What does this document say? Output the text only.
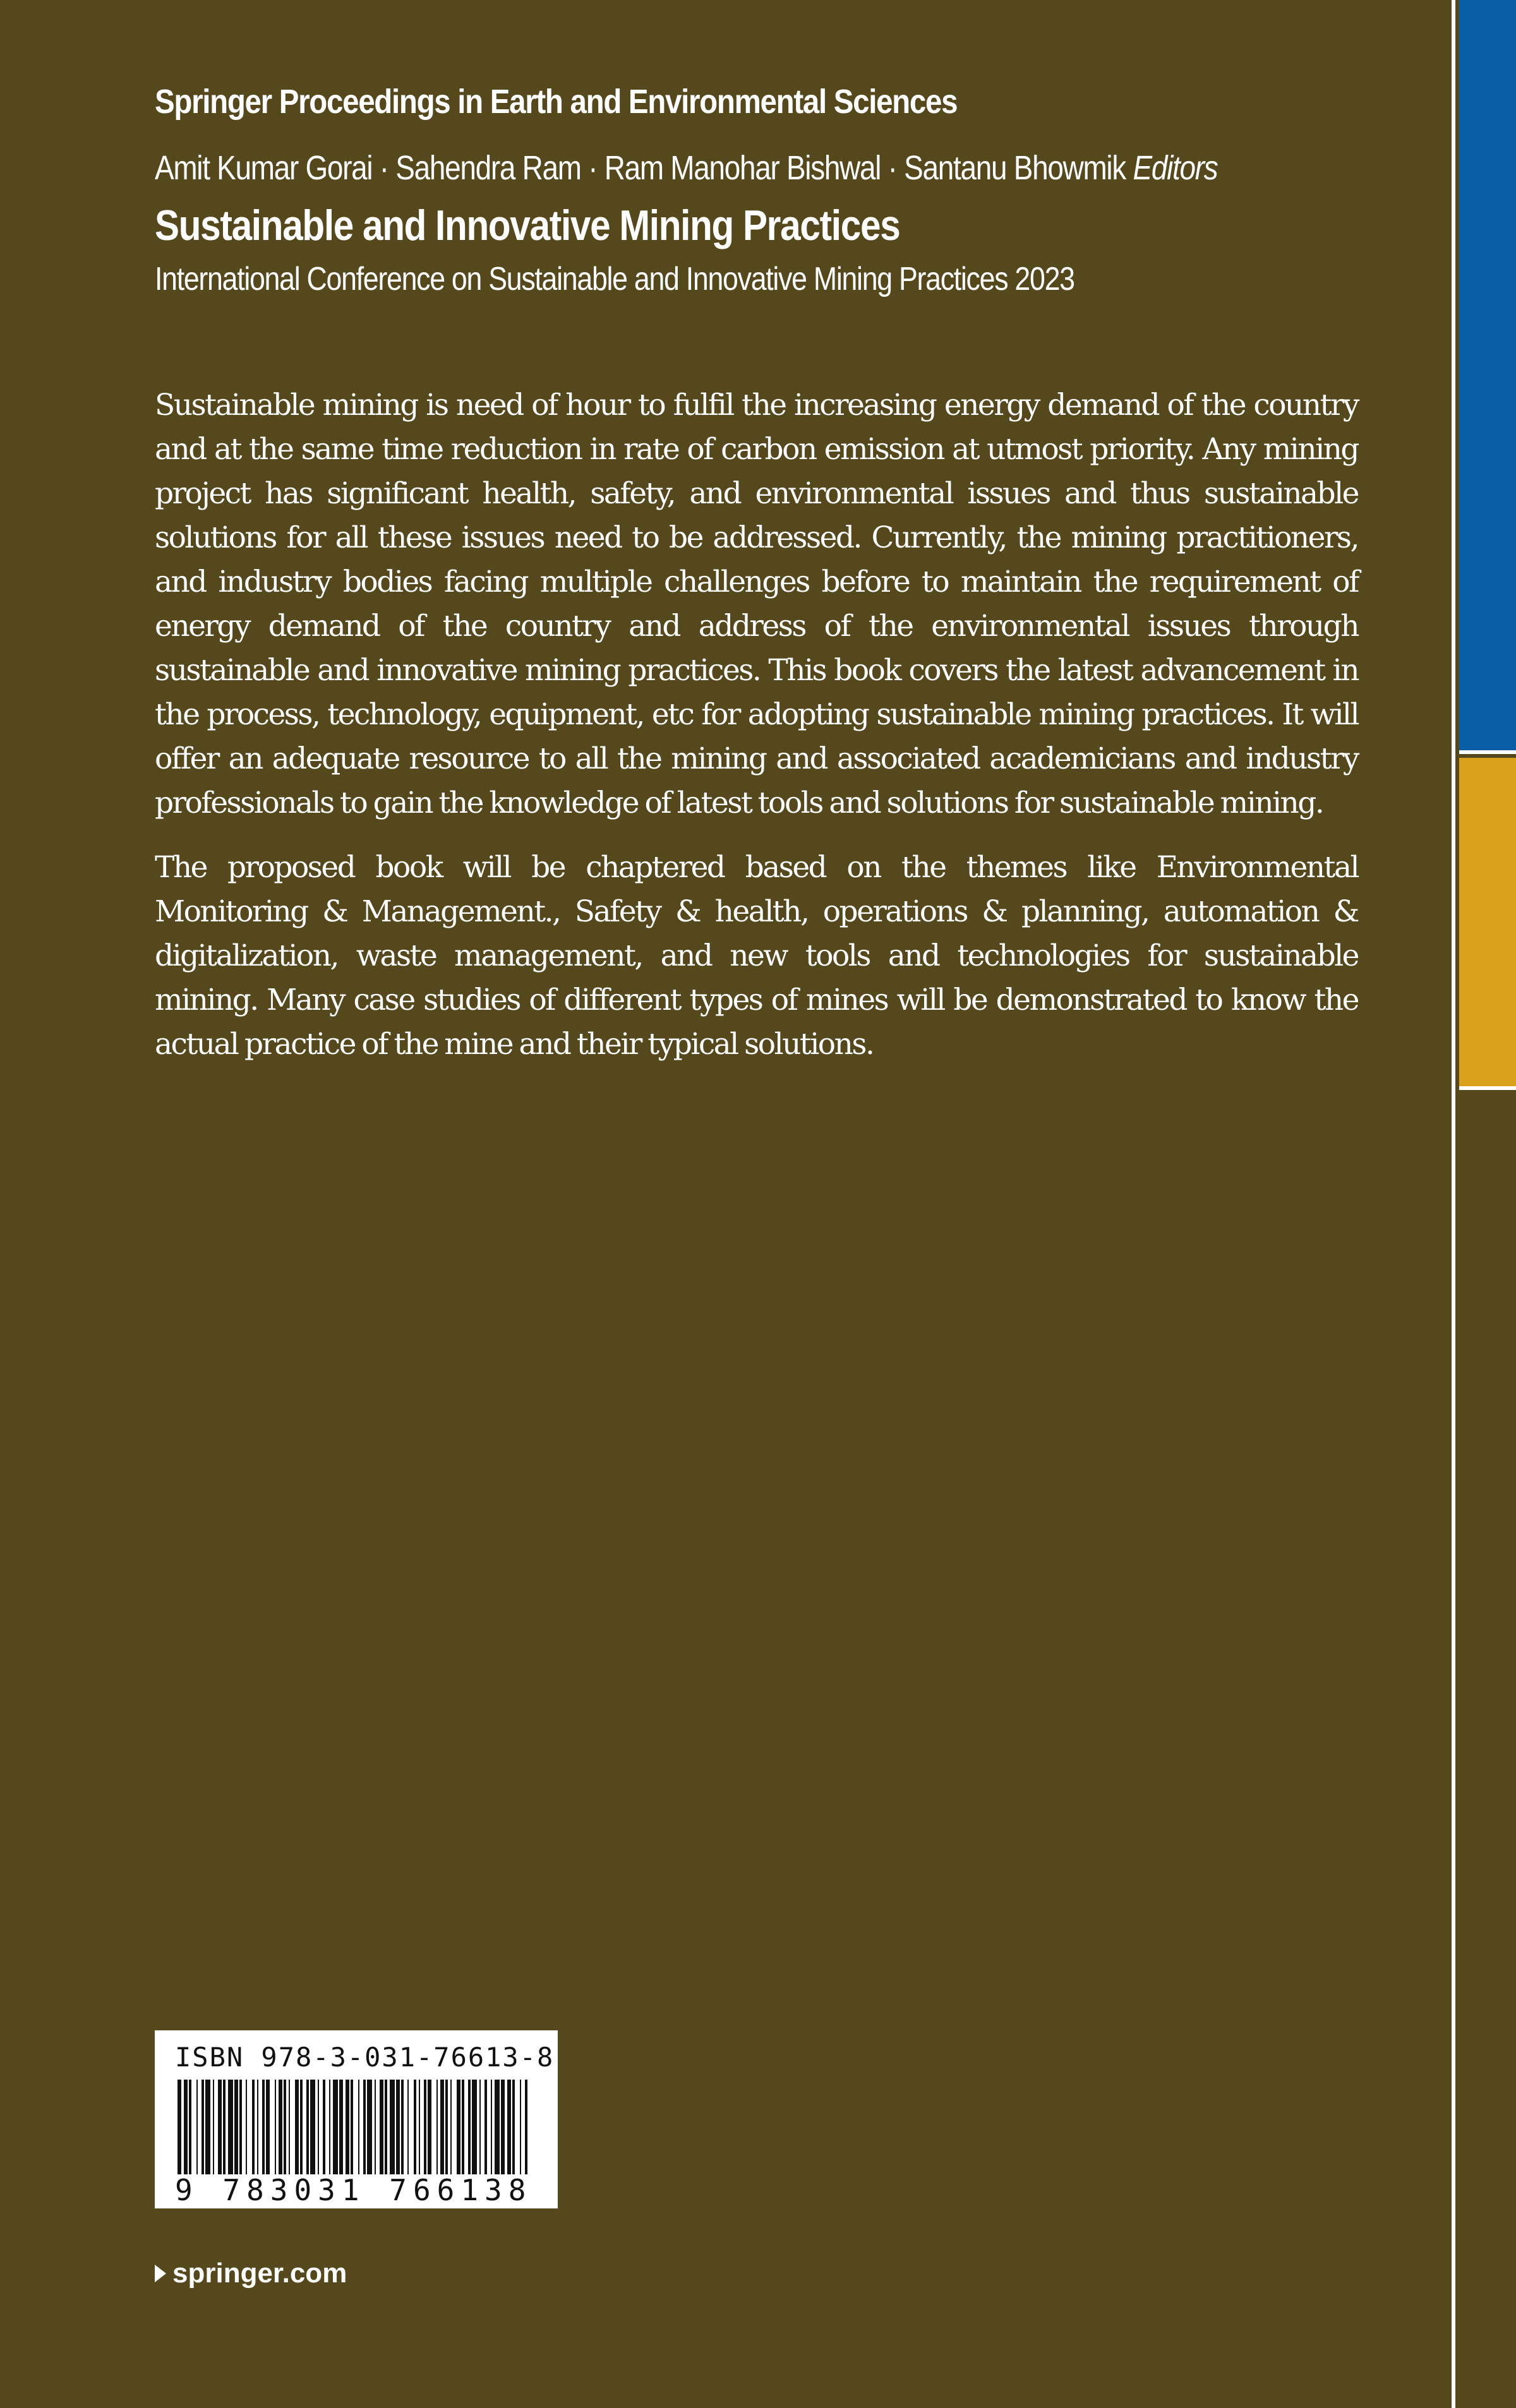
Springer Proceedings in Earth and Environmental Sciences
Amit Kumar Gorai · Sahendra Ram · Ram Manohar Bishwal · Santanu Bhowmik Editors
Sustainable and Innovative Mining Practices
International Conference on Sustainable and Innovative Mining Practices 2023

Sustainable mining is need of hour to fulfil the increasing energy demand of the country and at the same time reduction in rate of carbon emission at utmost priority. Any mining project has significant health, safety, and environmental issues and thus sustainable solutions for all these issues need to be addressed. Currently, the mining practitioners, and industry bodies facing multiple challenges before to maintain the requirement of energy demand of the country and address of the environmental issues through sustainable and innovative mining practices. This book covers the latest advancement in the process, technology, equipment, etc for adopting sustainable mining practices. It will offer an adequate resource to all the mining and associated academicians and industry professionals to gain the knowledge of latest tools and solutions for sustainable mining.

The proposed book will be chaptered based on the themes like Environmental Monitoring & Management., Safety & health, operations & planning, automation & digitalization, waste management, and new tools and technologies for sustainable mining. Many case studies of different types of mines will be demonstrated to know the actual practice of the mine and their typical solutions.

ISBN 978-3-031-76613-8
9 783031 766138
springer.com
